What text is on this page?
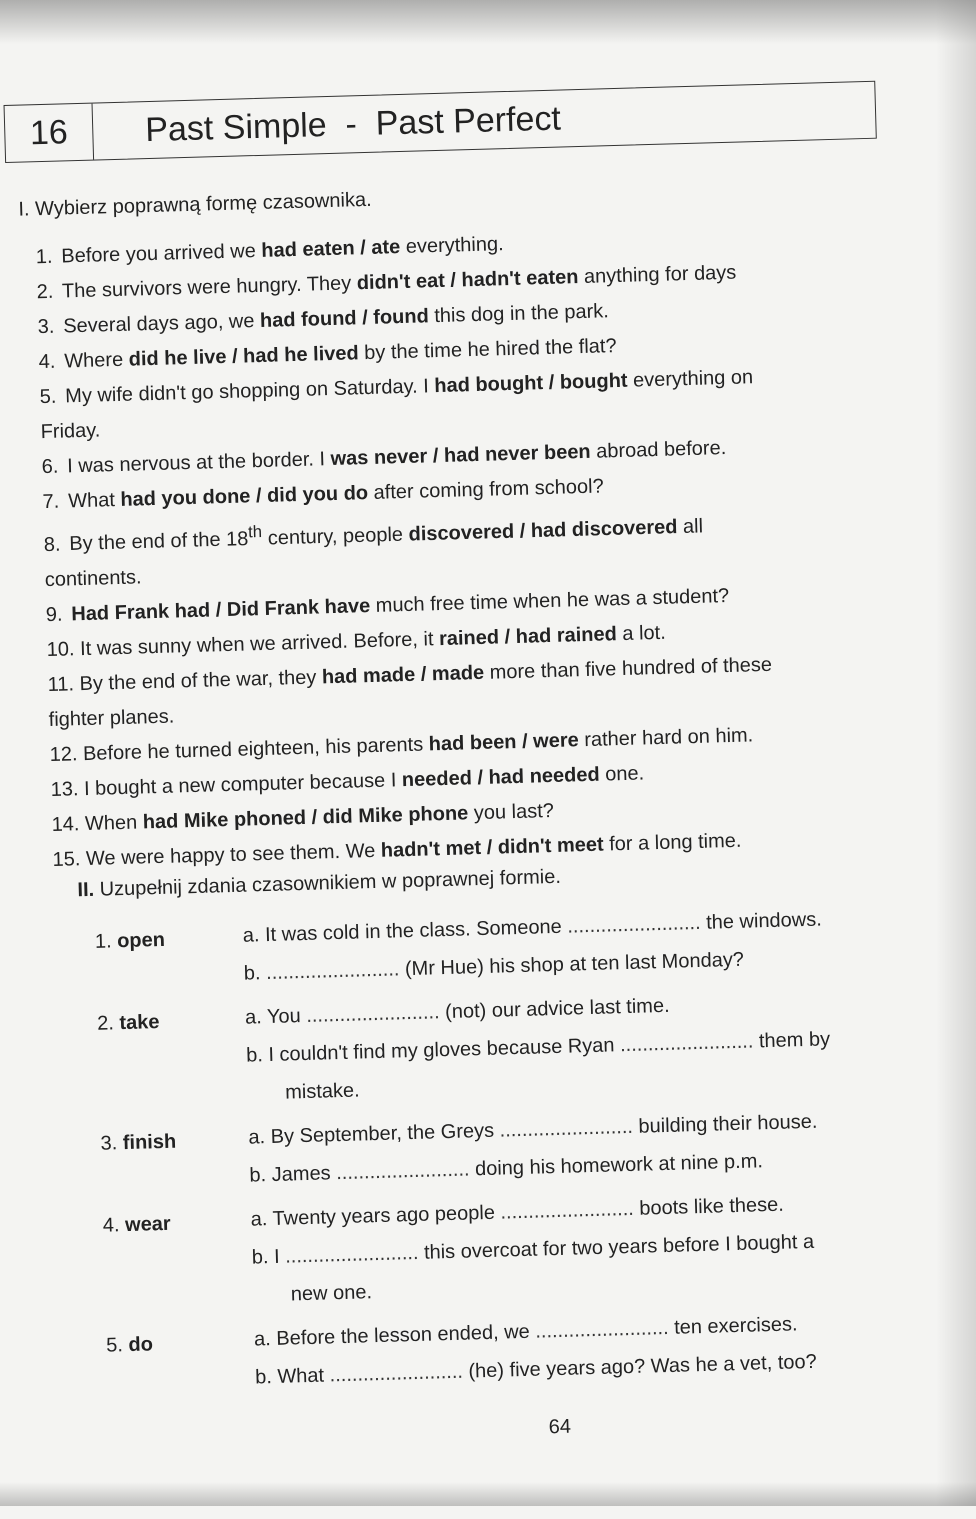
16	Past Simple  -  Past Perfect
I. Wybierz poprawną formę czasownika.
1. Before you arrived we had eaten / ate everything.
2. The survivors were hungry. They didn't eat / hadn't eaten anything for days
3. Several days ago, we had found / found this dog in the park.
4. Where did he live / had he lived by the time he hired the flat?
5. My wife didn't go shopping on Saturday. I had bought / bought everything on
Friday.
6. I was nervous at the border. I was never / had never been abroad before.
7. What had you done / did you do after coming from school?
8. By the end of the 18th century, people discovered / had discovered all
continents.
9. Had Frank had / Did Frank have much free time when he was a student?
10. It was sunny when we arrived. Before, it rained / had rained a lot.
11. By the end of the war, they had made / made more than five hundred of these
fighter planes.
12. Before he turned eighteen, his parents had been / were rather hard on him.
13. I bought a new computer because I needed / had needed one.
14. When had Mike phoned / did Mike phone you last?
15. We were happy to see them. We hadn't met / didn't meet for a long time.
II. Uzupełnij zdania czasownikiem w poprawnej formie.
1. open	a. It was cold in the class. Someone ........................ the windows.
b. ........................ (Mr Hue) his shop at ten last Monday?
2. take	a. You ........................ (not) our advice last time.
b. I couldn't find my gloves because Ryan ........................ them by
mistake.
3. finish	a. By September, the Greys ........................ building their house.
b. James ........................ doing his homework at nine p.m.
4. wear	a. Twenty years ago people ........................ boots like these.
b. I ........................ this overcoat for two years before I bought a
new one.
5. do	a. Before the lesson ended, we ........................ ten exercises.
b. What ........................ (he) five years ago? Was he a vet, too?
64
